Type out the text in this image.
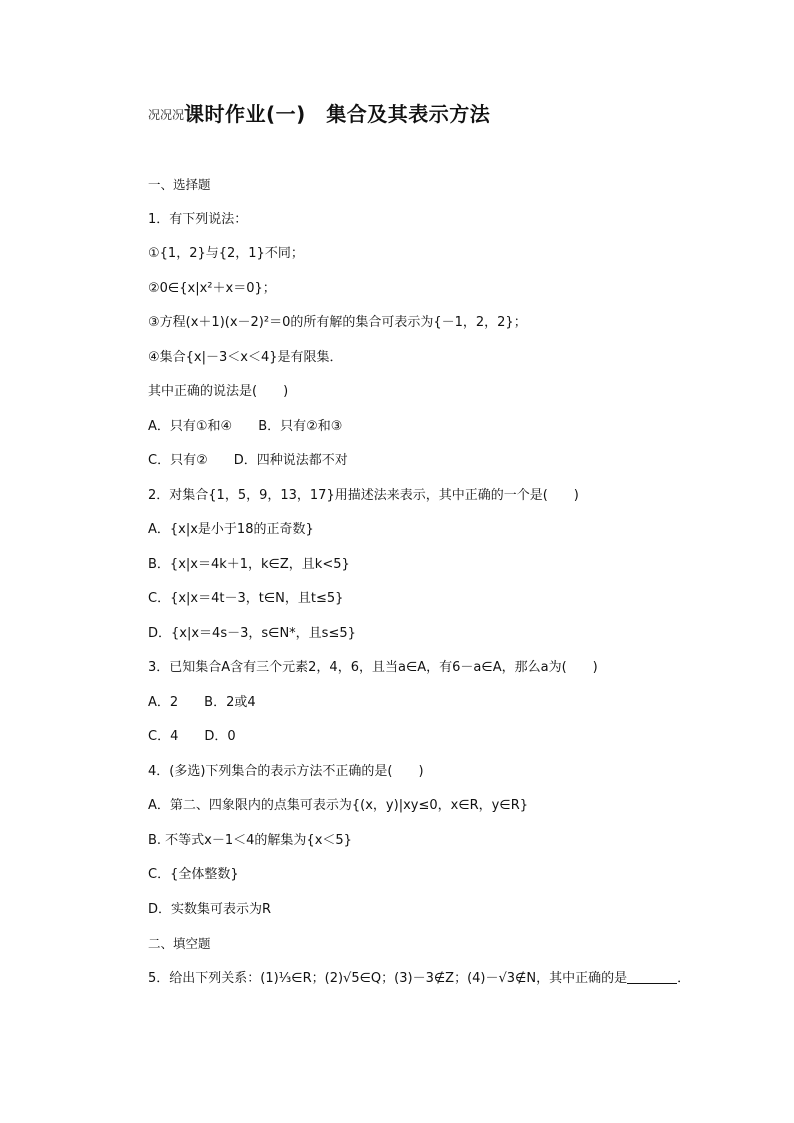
况况况课时作业(一)　集合及其表示方法
一、选择题
1．有下列说法：
①{1，2}与{2，1}不同；
②0∈{x|x²＋x＝0}；
③方程(x＋1)(x－2)²＝0的所有解的集合可表示为{－1，2，2}；
④集合{x|－3＜x＜4}是有限集．
其中正确的说法是(　　)
A．只有①和④　　B．只有②和③
C．只有②　　D．四种说法都不对
2．对集合{1，5，9，13，17}用描述法来表示，其中正确的一个是(　　)
A．{x|x是小于18的正奇数}
B．{x|x＝4k＋1，k∈Z，且k<5}
C．{x|x＝4t－3，t∈N，且t≤5}
D．{x|x＝4s－3，s∈N*，且s≤5}
3．已知集合A含有三个元素2，4，6，且当a∈A，有6－a∈A，那么a为(　　)
A．2　　B．2或4
C．4　　D．0
4．(多选)下列集合的表示方法不正确的是(　　)
A．第二、四象限内的点集可表示为{(x，y)|xy≤0，x∈R，y∈R}
B. 不等式x－1＜4的解集为{x＜5}
C．{全体整数}
D．实数集可表示为R
二、填空题
5．给出下列关系：(1)⅓∈R；(2)√5∈Q；(3)－3∉Z；(4)－√3∉N，其中正确的是	．
